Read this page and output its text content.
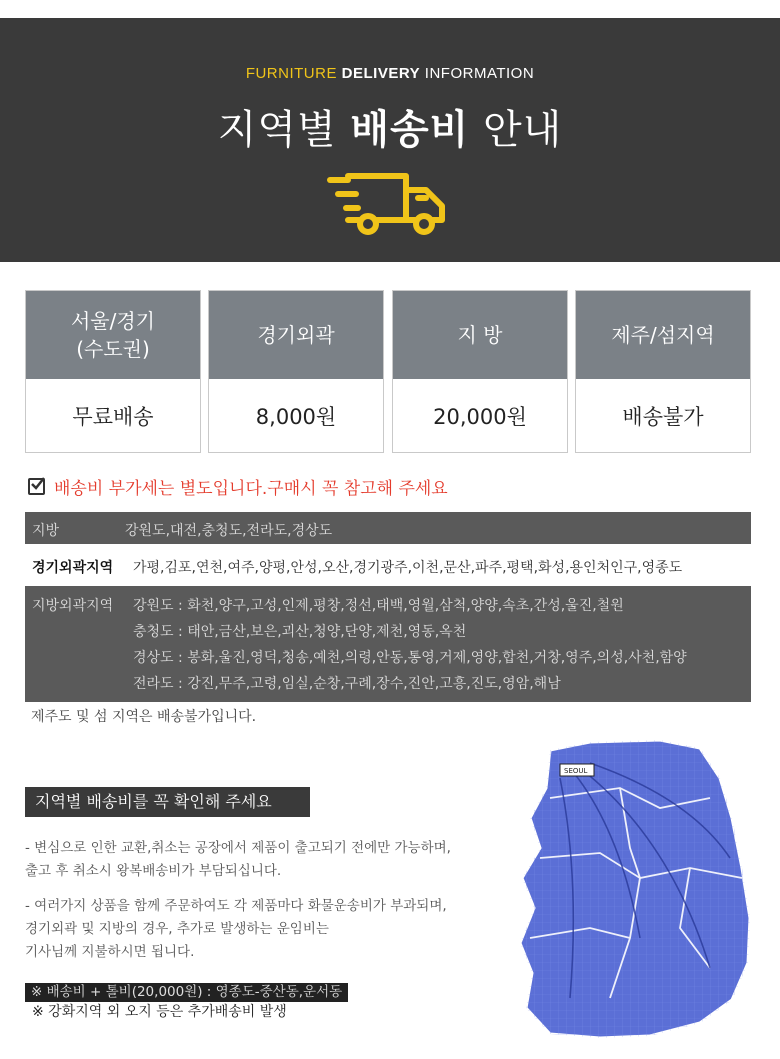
FURNITURE DELIVERY INFORMATION
지역별 배송비 안내
서울/경기
(수도권)
무료배송
경기외곽
8,000원
지 방
20,000원
제주/섬지역
배송불가
배송비 부가세는 별도입니다.구매시 꼭 참고해 주세요
지방	강원도,대전,충청도,전라도,경상도
경기외곽지역 가평,김포,연천,여주,양평,안성,오산,경기광주,이천,문산,파주,평택,화성,용인처인구,영종도
지방외곽지역 강원도 : 화천,양구,고성,인제,평창,정선,태백,영월,삼척,양양,속초,간성,울진,철원
충청도 : 태안,금산,보은,괴산,청양,단양,제천,영동,옥천
경상도 : 봉화,울진,영덕,청송,예천,의령,안동,통영,거제,영양,합천,거창,영주,의성,사천,함양
전라도 : 강진,무주,고령,임실,순창,구례,장수,진안,고흥,진도,영암,해남
제주도 및 섬 지역은 배송불가입니다.
SEOUL
지역별 배송비를 꼭 확인해 주세요
- 변심으로 인한 교환,취소는 공장에서 제품이 출고되기 전에만 가능하며,
출고 후 취소시 왕복배송비가 부담되십니다.
- 여러가지 상품을 함께 주문하여도 각 제품마다 화물운송비가 부과되며,
경기외곽 및 지방의 경우, 추가로 발생하는 운임비는
기사님께 지불하시면 됩니다.
※ 배송비 + 톨비(20,000원) : 영종도-중산동,운서동
※ 강화지역 외 오지 등은 추가배송비 발생
